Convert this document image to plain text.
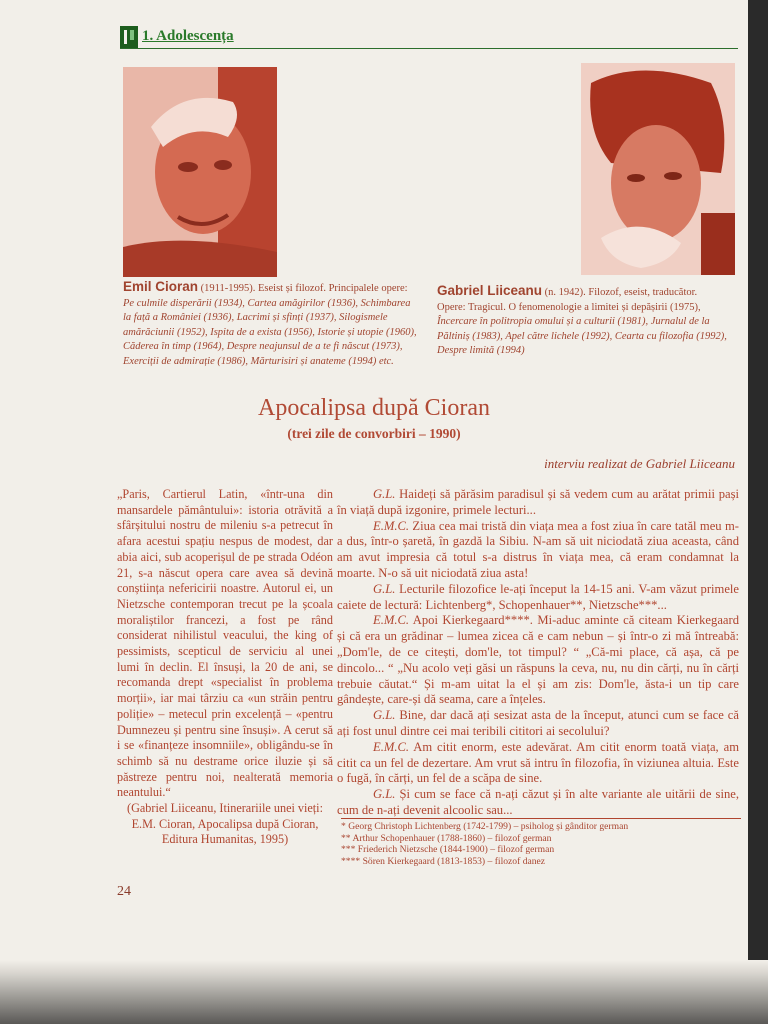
1. Adolescența
Emil Cioran (1911-1995). Eseist și filozof. Principalele opere:
Pe culmile disperării (1934), Cartea amăgirilor (1936), Schimbarea
la față a României (1936), Lacrimi și sfinți (1937), Silogismele
amărăciunii (1952), Ispita de a exista (1956), Istorie și utopie (1960),
Căderea în timp (1964), Despre neajunsul de a te fi născut (1973),
Exerciții de admirație (1986), Mărturisiri și anateme (1994) etc.
Gabriel Liiceanu (n. 1942). Filozof, eseist, traducător.
Opere: Tragicul. O fenomenologie a limitei și depășirii (1975),
Încercare în politropia omului și a culturii (1981), Jurnalul de la
Păltiniș (1983), Apel către lichele (1992), Cearta cu filozofia (1992),
Despre limită (1994)
Apocalipsa după Cioran
(trei zile de convorbiri – 1990)
interviu realizat de Gabriel Liiceanu
„Paris, Cartierul Latin, «într-una din mansardele pământului»: istoria otrăvită a sfârșitului nostru de mileniu s-a petrecut în afara acestui spațiu nespus de modest, dar abia aici, sub acoperișul de pe strada Odéon 21, s-a născut opera care avea să devină conștiința nefericirii noastre. Autorul ei, un Nietzsche contemporan trecut pe la școala moraliștilor francezi, a fost pe rând considerat nihilistul veacului, the king of pessimists, scepticul de serviciu al unei lumi în declin. El însuși, la 20 de ani, se recomanda drept «specialist în problema morții», iar mai târziu ca «un străin pentru poliție» – metecul prin excelență – «pentru Dumnezeu și pentru sine însuși». A cerut să i se «finanțeze insomniile», obligându-se în schimb să nu destrame orice iluzie și să păstreze pentru noi, nealterată memoria neantului.“
(Gabriel Liiceanu, Itinerariile unei vieți: E.M. Cioran, Apocalipsa după Cioran, Editura Humanitas, 1995)

G.L. Haideți să părăsim paradisul și să vedem cum au arătat primii pași în viață după izgonire, primele lecturi...

E.M.C. Ziua cea mai tristă din viața mea a fost ziua în care tatăl meu m-a dus, într-o șaretă, în gazdă la Sibiu. N-am să uit niciodată ziua aceasta, când am avut impresia că totul s-a distrus în viața mea, că eram condamnat la moarte. N-o să uit niciodată ziua asta!

G.L. Lecturile filozofice le-ați început la 14-15 ani. V-am văzut primele caiete de lectură: Lichtenberg*, Schopenhauer**, Nietzsche***...

E.M.C. Apoi Kierkegaard****. Mi-aduc aminte că citeam Kierkegaard și că era un grădinar – lumea zicea că e cam nebun – și într-o zi mă întreabă: „Dom'le, de ce citești, dom'le, tot timpul? “ „Că-mi place, că așa, că pe dincolo... “ „Nu acolo veți găsi un răspuns la ceva, nu, nu din cărți, nu în cărți trebuie căutat.“ Și m-am uitat la el și am zis: Dom'le, ăsta-i un tip care gândește, care-și dă seama, care a înțeles.

G.L. Bine, dar dacă ați sesizat asta de la început, atunci cum se face că ați fost unul dintre cei mai teribili cititori ai secolului?

E.M.C. Am citit enorm, este adevărat. Am citit enorm toată viața, am citit ca un fel de dezertare. Am vrut să intru în filozofia, în viziunea altuia. Este o fugă, în cărți, un fel de a scăpa de sine.

G.L. Și cum se face că n-ați căzut și în alte variante ale uitării de sine, cum de n-ați devenit alcoolic sau...

* Georg Christoph Lichtenberg (1742-1799) – psiholog și gânditor german
** Arthur Schopenhauer (1788-1860) – filozof german
*** Friederich Nietzsche (1844-1900) – filozof german
**** Sören Kierkegaard (1813-1853) – filozof danez
24
